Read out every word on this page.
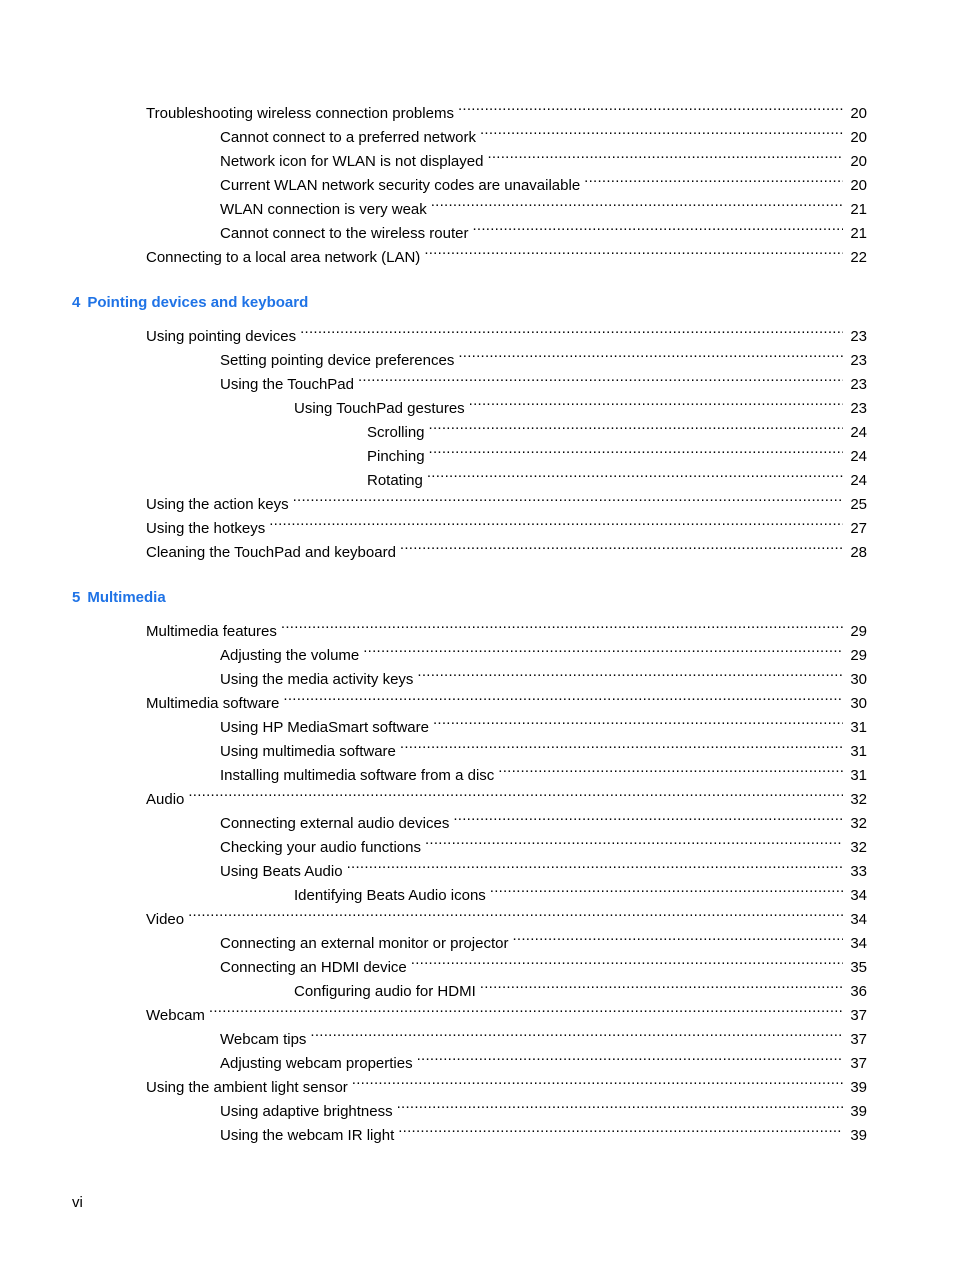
Troubleshooting wireless connection problems . . .	20
Cannot connect to a preferred network . . .	20
Network icon for WLAN is not displayed . . .	20
Current WLAN network security codes are unavailable . . .	20
WLAN connection is very weak . . .	21
Cannot connect to the wireless router . . .	21
Connecting to a local area network (LAN) . . .	22
4 Pointing devices and keyboard
Using pointing devices . . .	23
Setting pointing device preferences . . .	23
Using the TouchPad . . .	23
Using TouchPad gestures . . .	23
Scrolling . . .	24
Pinching . . .	24
Rotating . . .	24
Using the action keys . . .	25
Using the hotkeys . . .	27
Cleaning the TouchPad and keyboard . . .	28
5 Multimedia
Multimedia features . . .	29
Adjusting the volume . . .	29
Using the media activity keys . . .	30
Multimedia software . . .	30
Using HP MediaSmart software . . .	31
Using multimedia software . . .	31
Installing multimedia software from a disc . . .	31
Audio . . .	32
Connecting external audio devices . . .	32
Checking your audio functions . . .	32
Using Beats Audio . . .	33
Identifying Beats Audio icons . . .	34
Video . . .	34
Connecting an external monitor or projector . . .	34
Connecting an HDMI device . . .	35
Configuring audio for HDMI . . .	36
Webcam . . .	37
Webcam tips . . .	37
Adjusting webcam properties . . .	37
Using the ambient light sensor . . .	39
Using adaptive brightness . . .	39
Using the webcam IR light . . .	39
vi
